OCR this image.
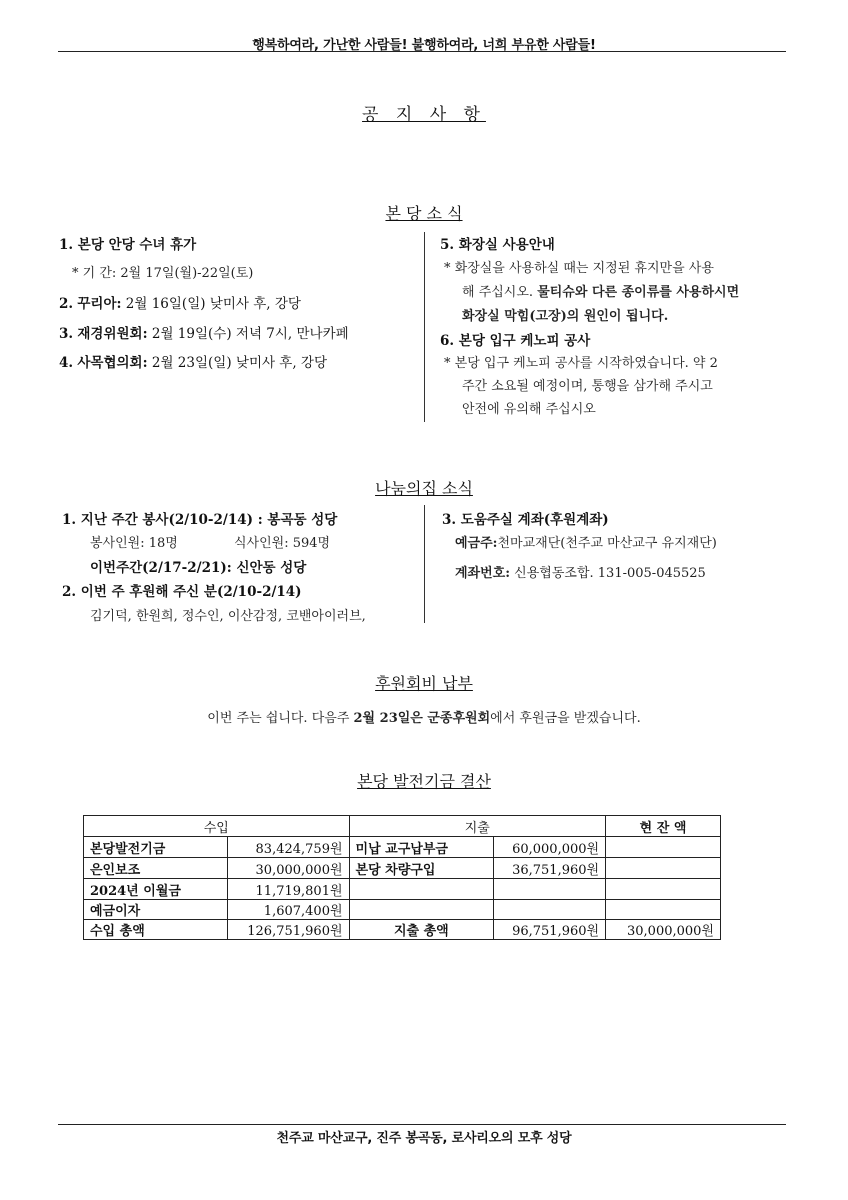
행복하여라, 가난한 사람들! 불행하여라, 너희 부유한 사람들!
공 지 사 항
본 당 소 식
1. 본당 안당 수녀 휴가
* 기 간: 2월 17일(월)-22일(토)
2. 꾸리아: 2월 16일(일) 낮미사 후, 강당
3. 재경위원회: 2월 19일(수) 저녁 7시, 만나카페
4. 사목협의회: 2월 23일(일) 낮미사 후, 강당
5. 화장실 사용안내
* 화장실을 사용하실 때는 지정된 휴지만을 사용
해 주십시오. 물티슈와 다른 종이류를 사용하시면
화장실 막힘(고장)의 원인이 됩니다.
6. 본당 입구 케노피 공사
* 본당 입구 케노피 공사를 시작하였습니다. 약 2
주간 소요될 예정이며, 통행을 삼가해 주시고
안전에 유의해 주십시오
나눔의집 소식
1. 지난 주간 봉사(2/10-2/14) : 봉곡동 성당
봉사인원: 18명	식사인원: 594명
이번주간(2/17-2/21): 신안동 성당
2. 이번 주 후원해 주신 분(2/10-2/14)
김기덕, 한원희, 정수인, 이산감정, 코밴아이러브,
3. 도움주실 계좌(후원계좌)
예금주:천마교재단(천주교 마산교구 유지재단)
계좌번호: 신용협동조합. 131-005-045525
후원회비 납부
이번 주는 쉽니다. 다음주 2월 23일은 군종후원회에서 후원금을 받겠습니다.
본당 발전기금 결산
수입		지출		현 잔 액
본당발전기금	83,424,759원	미납 교구납부금	60,000,000원	
은인보조	30,000,000원	본당 차량구입	36,751,960원	
2024년 이월금	11,719,801원			
예금이자	1,607,400원			
수입 총액	126,751,960원	지출 총액	96,751,960원	30,000,000원
천주교 마산교구, 진주 봉곡동, 로사리오의 모후 성당
